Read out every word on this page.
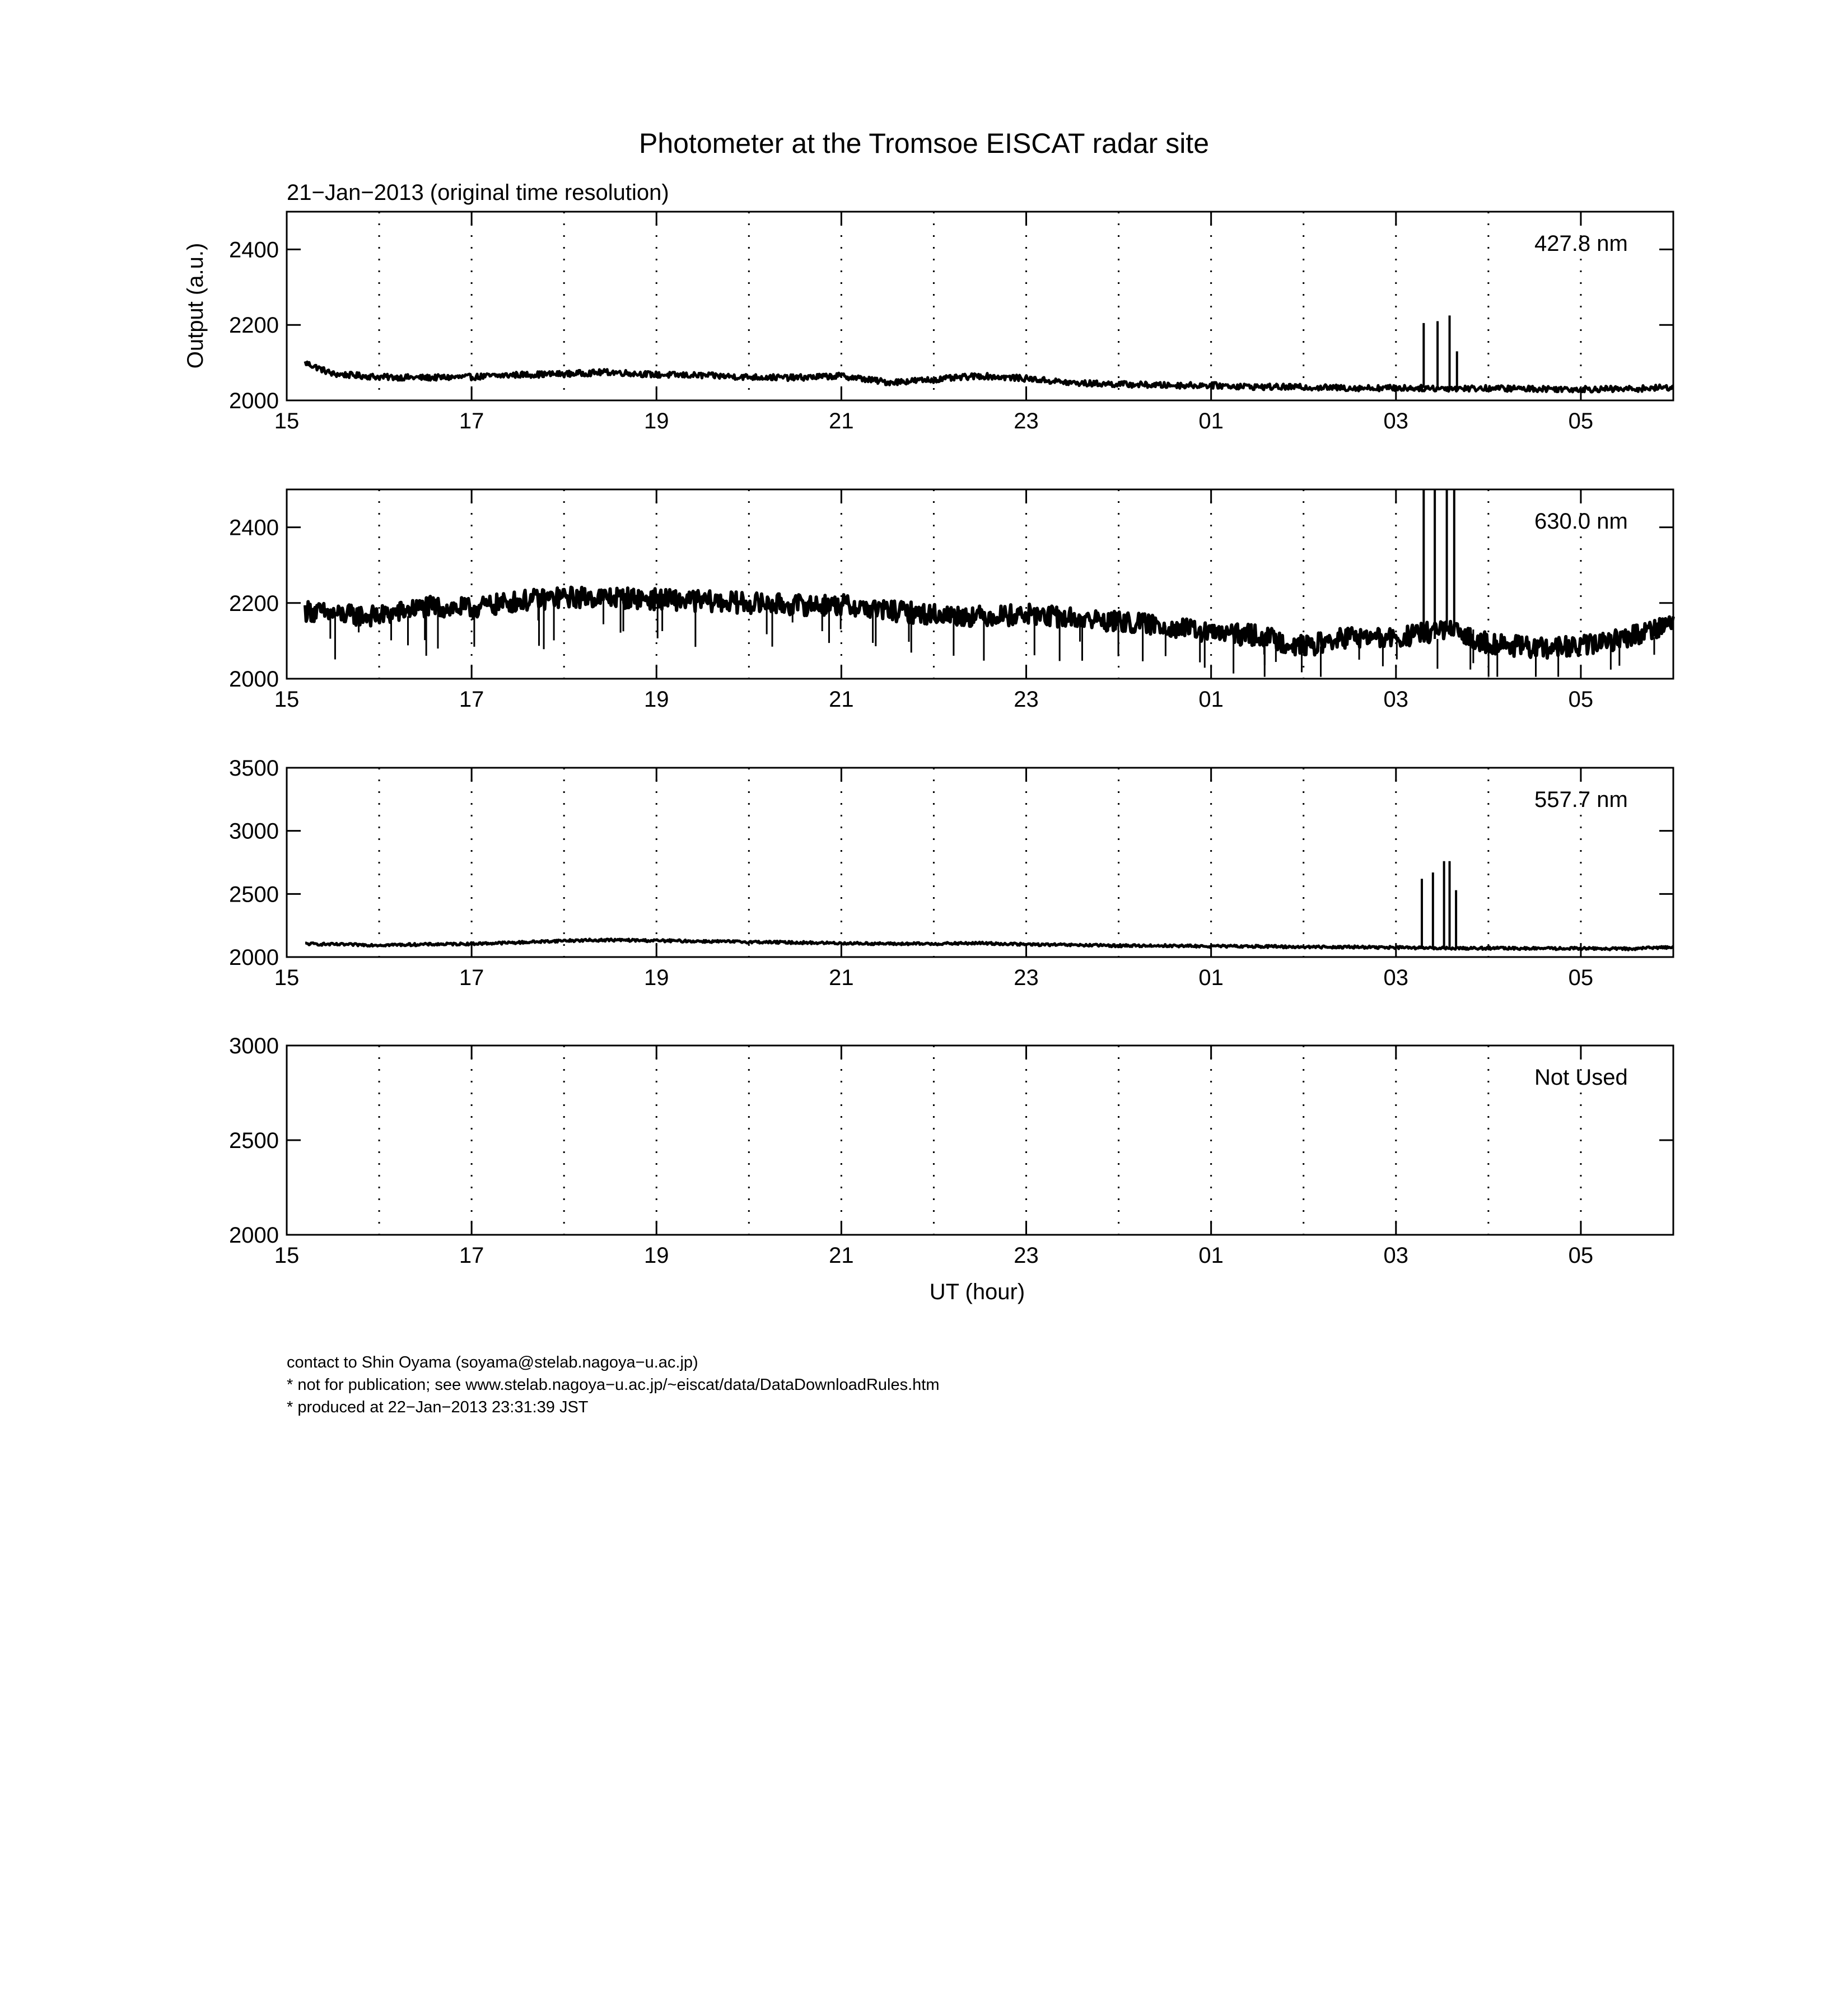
Photometer at the Tromsoe EISCAT radar site
21−Jan−2013 (original time resolution)
2000
2200
2400
15	17	19	21	23	01	03	05
427.8 nm
2000
2200
2400
15	17	19	21	23	01	03	05
630.0 nm
2000
2500
3000
3500
15	17	19	21	23	01	03	05
557.7 nm
2000
2500
3000
15	17	19	21	23	01	03	05
Not Used
Output (a.u.)
UT (hour)
contact to Shin Oyama (soyama@stelab.nagoya−u.ac.jp)
* not for publication; see www.stelab.nagoya−u.ac.jp/~eiscat/data/DataDownloadRules.htm
* produced at 22−Jan−2013 23:31:39 JST
